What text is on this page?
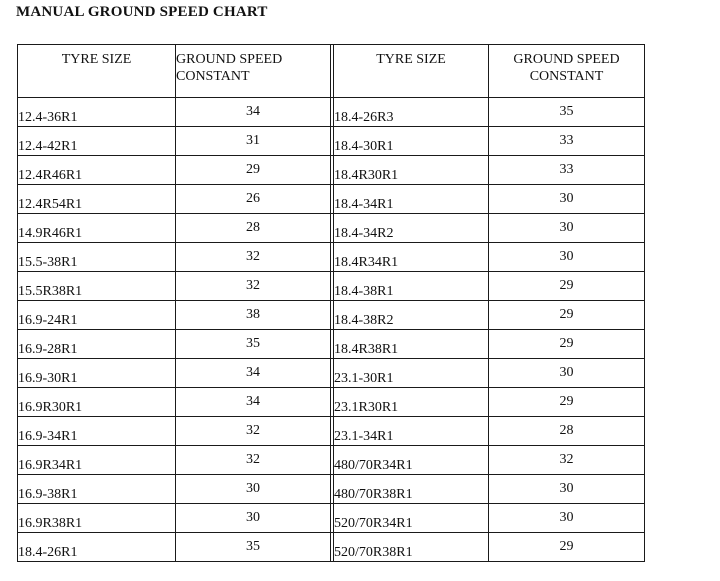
MANUAL GROUND SPEED CHART
TYRE SIZE	GROUND SPEED CONSTANT		TYRE SIZE	GROUND SPEED CONSTANT
12.4-36R1	34		18.4-26R3	35
12.4-42R1	31		18.4-30R1	33
12.4R46R1	29		18.4R30R1	33
12.4R54R1	26		18.4-34R1	30
14.9R46R1	28		18.4-34R2	30
15.5-38R1	32		18.4R34R1	30
15.5R38R1	32		18.4-38R1	29
16.9-24R1	38		18.4-38R2	29
16.9-28R1	35		18.4R38R1	29
16.9-30R1	34		23.1-30R1	30
16.9R30R1	34		23.1R30R1	29
16.9-34R1	32		23.1-34R1	28
16.9R34R1	32		480/70R34R1	32
16.9-38R1	30		480/70R38R1	30
16.9R38R1	30		520/70R34R1	30
18.4-26R1	35		520/70R38R1	29
